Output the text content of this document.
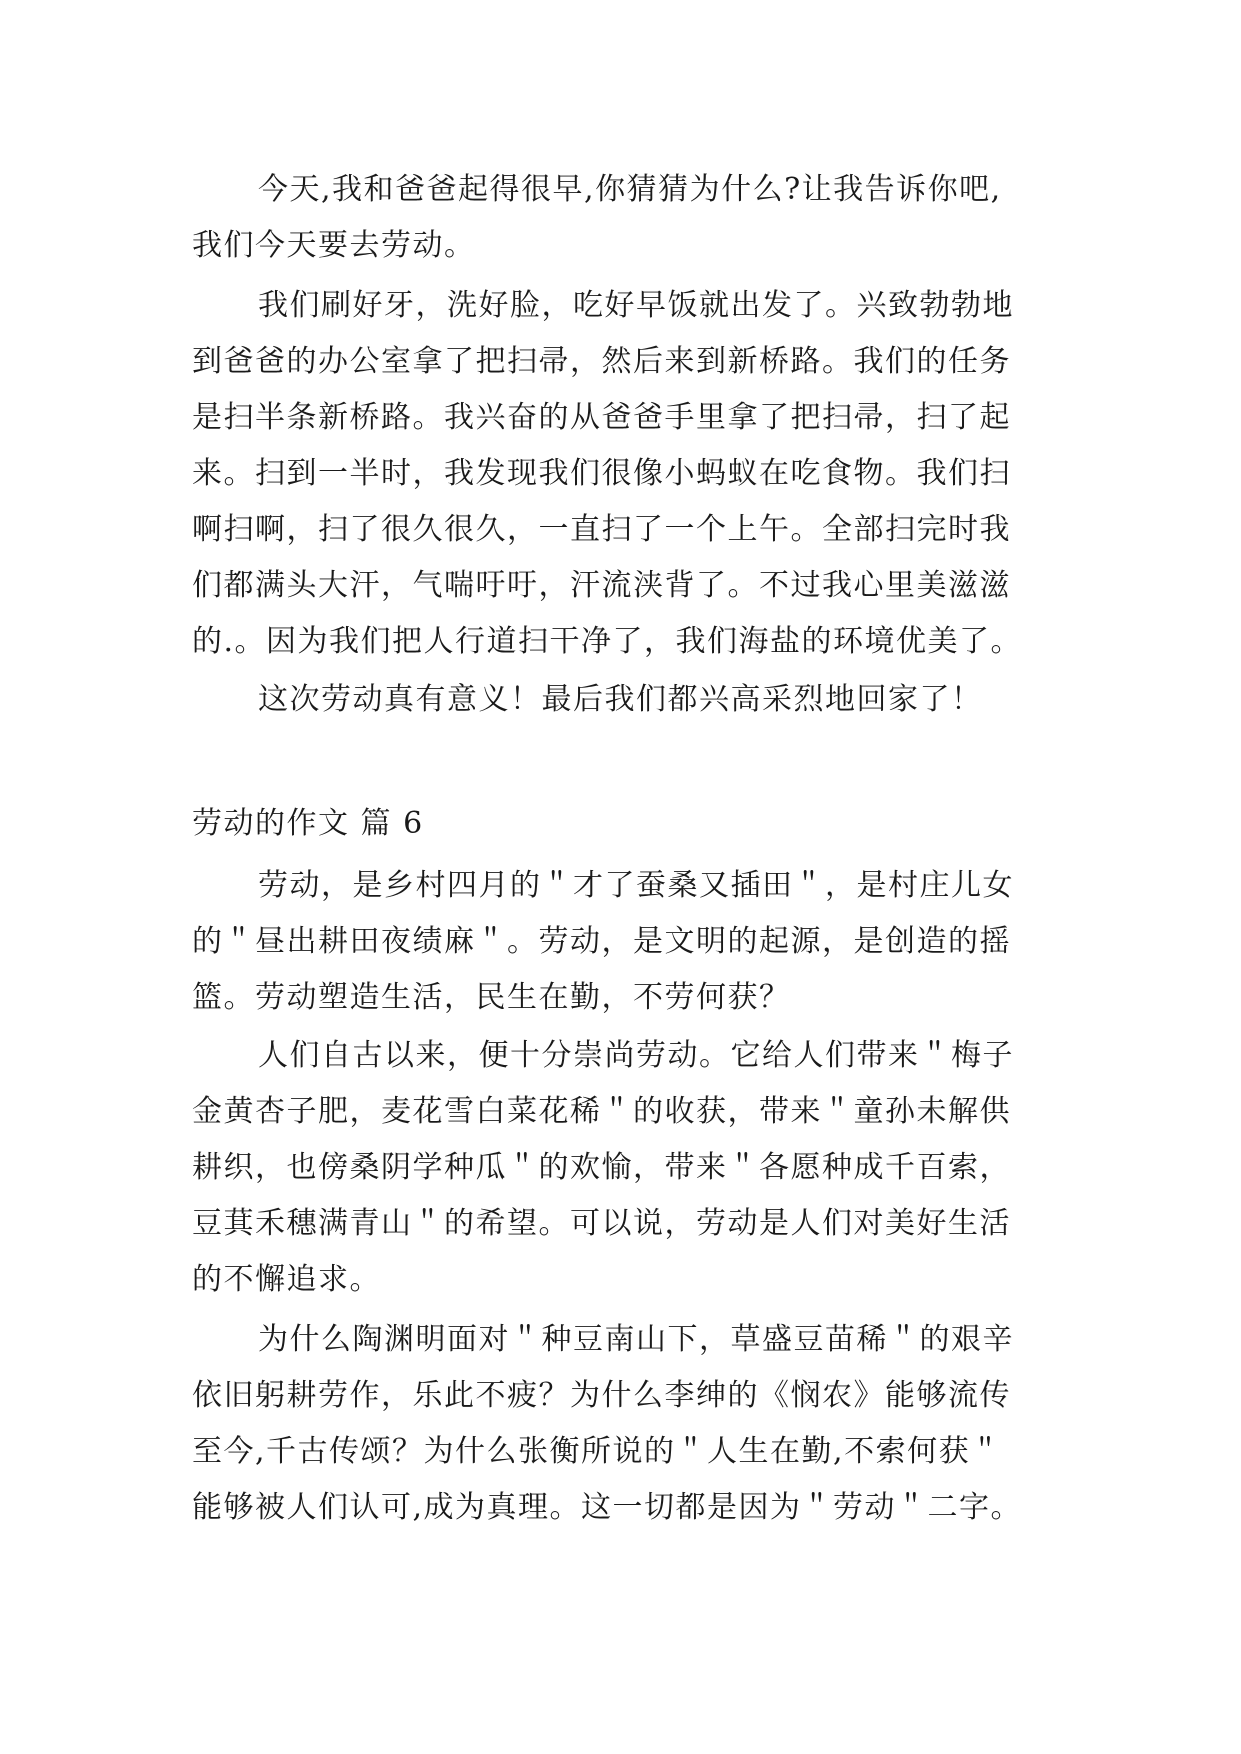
今天,我和爸爸起得很早,你猜猜为什么?让我告诉你吧,
我们今天要去劳动。
我们刷好牙，洗好脸，吃好早饭就出发了。兴致勃勃地
到爸爸的办公室拿了把扫帚，然后来到新桥路。我们的任务
是扫半条新桥路。我兴奋的从爸爸手里拿了把扫帚，扫了起
来。扫到一半时，我发现我们很像小蚂蚁在吃食物。我们扫
啊扫啊，扫了很久很久，一直扫了一个上午。全部扫完时我
们都满头大汗，气喘吁吁，汗流浃背了。不过我心里美滋滋
的.。因为我们把人行道扫干净了，我们海盐的环境优美了。
这次劳动真有意义！最后我们都兴高采烈地回家了！
劳动的作文 篇 6
劳动，是乡村四月的＂才了蚕桑又插田＂，是村庄儿女
的＂昼出耕田夜绩麻＂。劳动，是文明的起源，是创造的摇
篮。劳动塑造生活，民生在勤，不劳何获？
人们自古以来，便十分崇尚劳动。它给人们带来＂梅子
金黄杏子肥，麦花雪白菜花稀＂的收获，带来＂童孙未解供
耕织，也傍桑阴学种瓜＂的欢愉，带来＂各愿种成千百索，
豆萁禾穗满青山＂的希望。可以说，劳动是人们对美好生活
的不懈追求。
为什么陶渊明面对＂种豆南山下，草盛豆苗稀＂的艰辛
依旧躬耕劳作，乐此不疲？为什么李绅的《悯农》能够流传
至今,千古传颂？为什么张衡所说的＂人生在勤,不索何获＂
能够被人们认可,成为真理。这一切都是因为＂劳动＂二字。
